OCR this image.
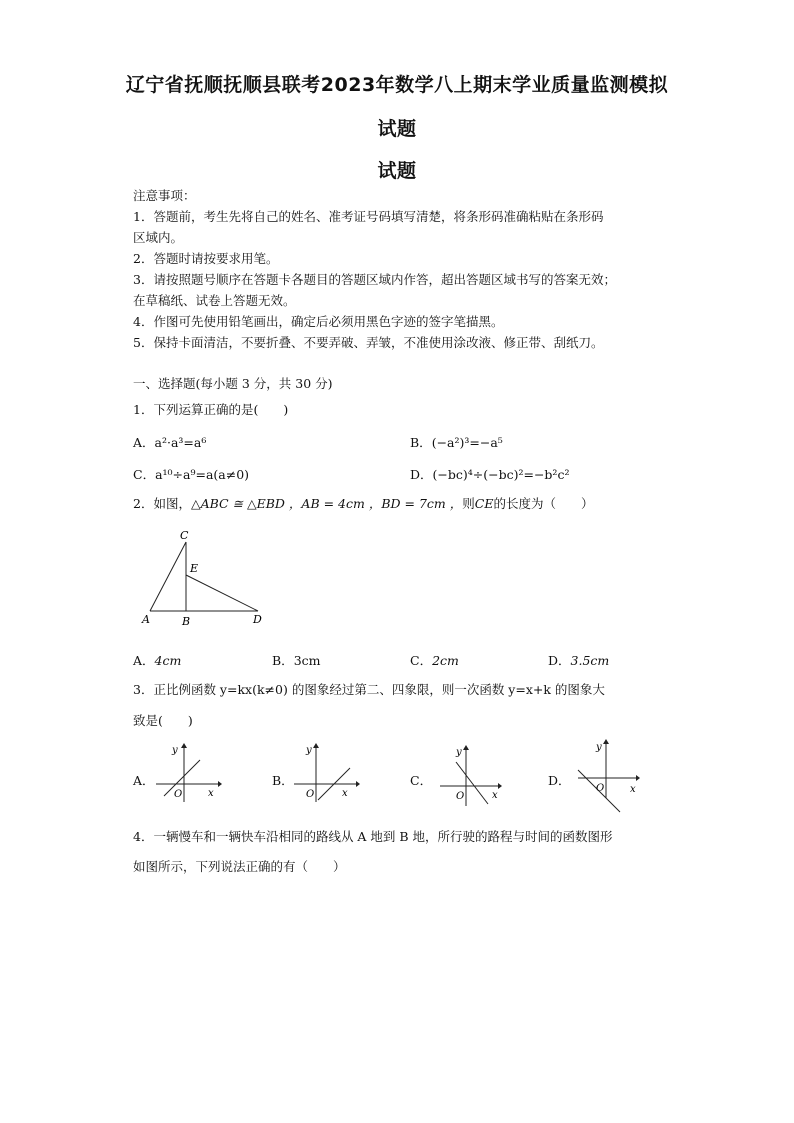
辽宁省抚顺抚顺县联考2023年数学八上期末学业质量监测模拟
试题
试题
注意事项：
1．答题前，考生先将自己的姓名、准考证号码填写清楚，将条形码准确粘贴在条形码
区域内。
2．答题时请按要求用笔。
3．请按照题号顺序在答题卡各题目的答题区域内作答，超出答题区域书写的答案无效；
在草稿纸、试卷上答题无效。
4．作图可先使用铅笔画出，确定后必须用黑色字迹的签字笔描黑。
5．保持卡面清洁，不要折叠、不要弄破、弄皱，不准使用涂改液、修正带、刮纸刀。
一、选择题(每小题 3 分，共 30 分)
1．下列运算正确的是(　　)
A．a²·a³=a⁶	B．(−a²)³=−a⁵
C．a¹⁰÷a⁹=a(a≠0)	D．(−bc)⁴÷(−bc)²=−b²c²
2．如图，△ABC ≅ △EBD ，AB = 4cm ，BD = 7cm ，则CE的长度为（　　）
C
E
A	B	D
A．4cm	B．3cm	C．2cm	D．3.5cm
3．正比例函数 y=kx(k≠0) 的图象经过第二、四象限，则一次函数 y=x+k 的图象大
致是(　　)
A．	B．	C．	D．
y
x
O
y
x
O
y
x
O
y
x
O
4．一辆慢车和一辆快车沿相同的路线从 A 地到 B 地，所行驶的路程与时间的函数图形
如图所示，下列说法正确的有（　　）
